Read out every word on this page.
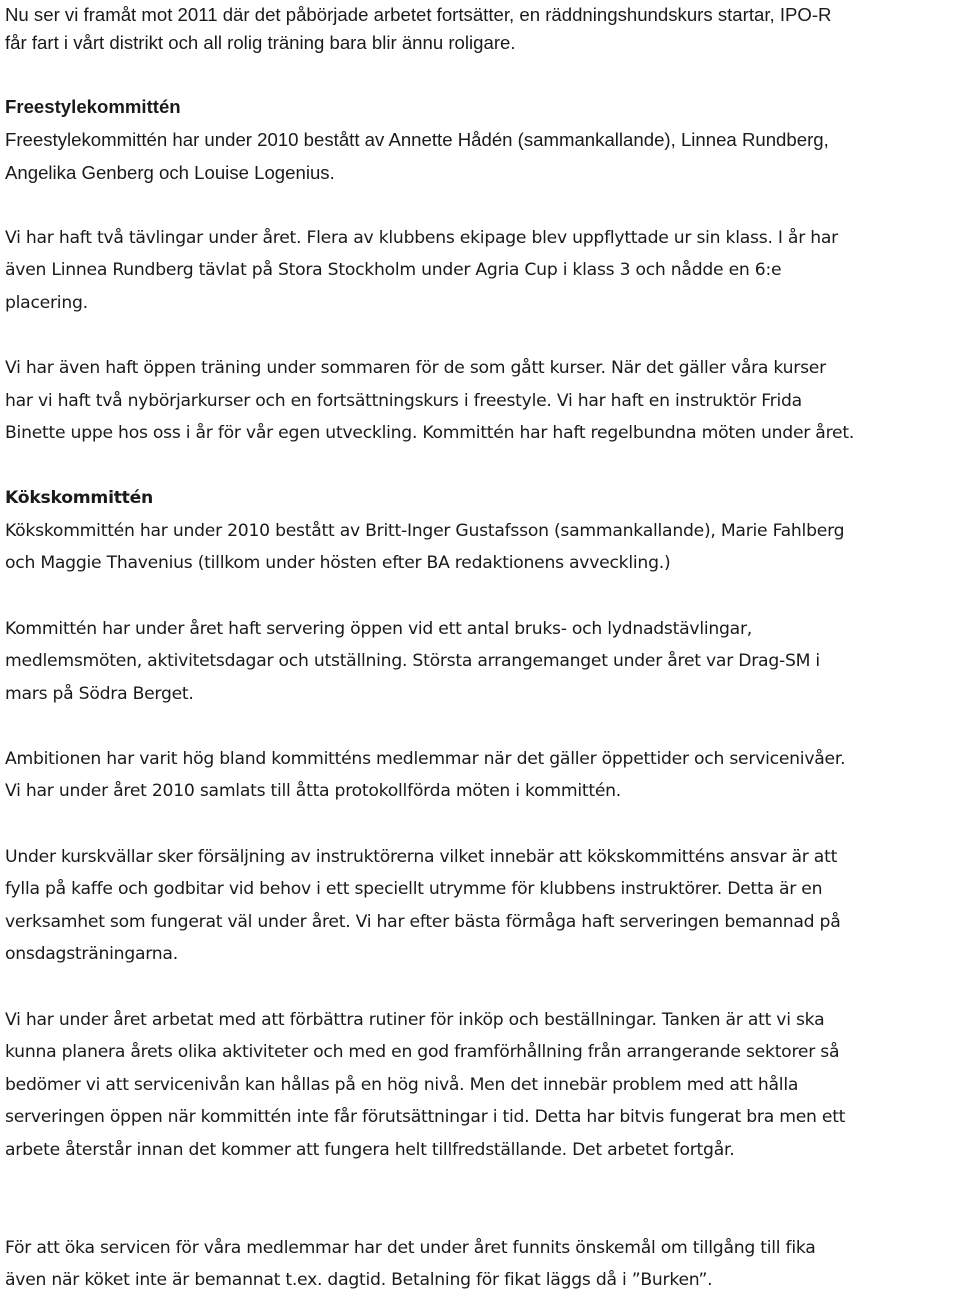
Nu ser vi framåt mot 2011 där det påbörjade arbetet fortsätter, en räddningshundskurs startar, IPO-R
får fart i vårt distrikt och all rolig träning bara blir ännu roligare.
Freestylekommittén
Freestylekommittén har under 2010 bestått av Annette Hådén (sammankallande), Linnea Rundberg,
Angelika Genberg och Louise Logenius.
Vi har haft två tävlingar under året. Flera av klubbens ekipage blev uppflyttade ur sin klass. I år har
även Linnea Rundberg tävlat på Stora Stockholm under Agria Cup i klass 3 och nådde en 6:e
placering.
Vi har även haft öppen träning under sommaren för de som gått kurser. När det gäller våra kurser
har vi haft två nybörjarkurser och en fortsättningskurs i freestyle. Vi har haft en instruktör Frida
Binette uppe hos oss i år för vår egen utveckling. Kommittén har haft regelbundna möten under året.
Kökskommittén
Kökskommittén har under 2010 bestått av Britt-Inger Gustafsson (sammankallande), Marie Fahlberg
och Maggie Thavenius (tillkom under hösten efter BA redaktionens avveckling.)
Kommittén har under året haft servering öppen vid ett antal bruks- och lydnadstävlingar,
medlemsmöten, aktivitetsdagar och utställning. Största arrangemanget under året var Drag-SM i
mars på Södra Berget.
Ambitionen har varit hög bland kommitténs medlemmar när det gäller öppettider och servicenivåer.
Vi har under året 2010 samlats till åtta protokollförda möten i kommittén.
Under kurskvällar sker försäljning av instruktörerna vilket innebär att kökskommitténs ansvar är att
fylla på kaffe och godbitar vid behov i ett speciellt utrymme för klubbens instruktörer. Detta är en
verksamhet som fungerat väl under året. Vi har efter bästa förmåga haft serveringen bemannad på
onsdagsträningarna.
Vi har under året arbetat med att förbättra rutiner för inköp och beställningar. Tanken är att vi ska
kunna planera årets olika aktiviteter och med en god framförhållning från arrangerande sektorer så
bedömer vi att servicenivån kan hållas på en hög nivå. Men det innebär problem med att hålla
serveringen öppen när kommittén inte får förutsättningar i tid. Detta har bitvis fungerat bra men ett
arbete återstår innan det kommer att fungera helt tillfredställande. Det arbetet fortgår.
För att öka servicen för våra medlemmar har det under året funnits önskemål om tillgång till fika
även när köket inte är bemannat t.ex. dagtid. Betalning för fikat läggs då i ”Burken”.
